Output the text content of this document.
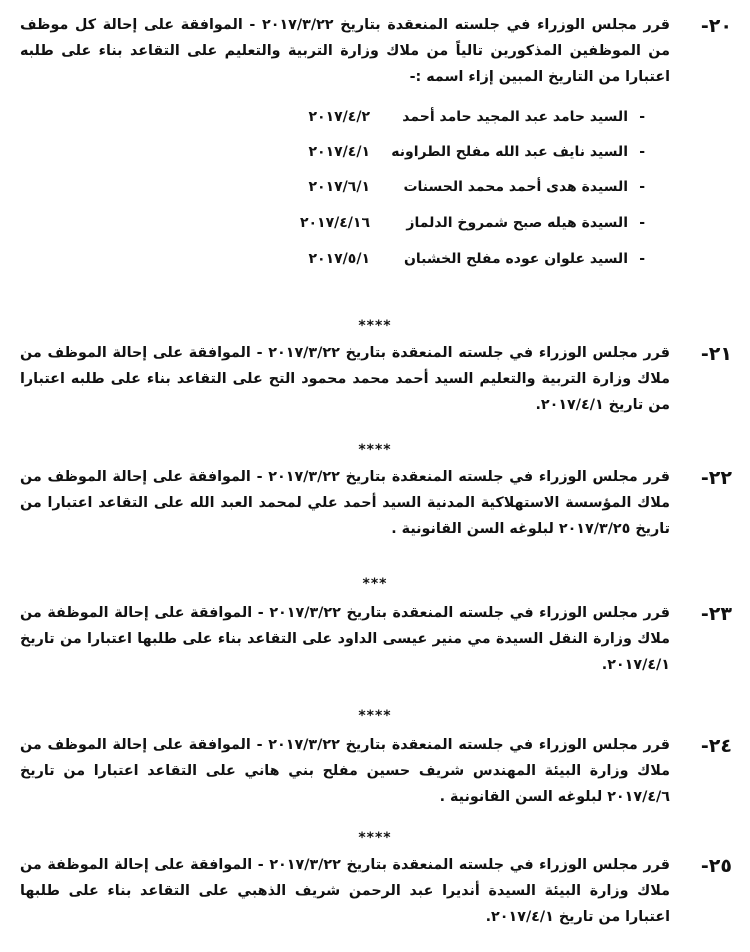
٢٠-
قرر مجلس الوزراء في جلسته المنعقدة بتاريخ ٢٠١٧/٣/٢٢ - الموافقة على إحالة كل موظف من الموظفين المذكورين تالياً من ملاك وزارة التربية والتعليم على التقاعد بناء على طلبه اعتبارا من التاريخ المبين إزاء اسمه :-
-
السيد حامد عبد المجيد حامد أحمد
٢٠١٧/٤/٢
-
السيد نايف عبد الله مفلح الطراونه
٢٠١٧/٤/١
-
السيدة هدى أحمد محمد الحسنات
٢٠١٧/٦/١
-
السيدة هيله صبح شمروخ الدلماز
٢٠١٧/٤/١٦
-
السيد علوان عوده مفلح الخشبان
٢٠١٧/٥/١
****
٢١-
قرر مجلس الوزراء في جلسته المنعقدة بتاريخ ٢٠١٧/٣/٢٢ - الموافقة على إحالة الموظف من ملاك وزارة التربية والتعليم السيد أحمد محمد محمود التح على التقاعد بناء على طلبه اعتبارا من تاريخ ٢٠١٧/٤/١.
****
٢٢-
قرر مجلس الوزراء في جلسته المنعقدة بتاريخ ٢٠١٧/٣/٢٢ - الموافقة على إحالة الموظف من ملاك المؤسسة الاستهلاكية المدنية السيد أحمد علي لمحمد العبد الله على التقاعد اعتبارا من تاريخ ٢٠١٧/٣/٢٥ لبلوغه السن القانونية .
***
٢٣-
قرر مجلس الوزراء في جلسته المنعقدة بتاريخ ٢٠١٧/٣/٢٢ - الموافقة على إحالة الموظفة من ملاك وزارة النقل السيدة مي منير عيسى الداود على التقاعد بناء على طلبها اعتبارا من تاريخ ٢٠١٧/٤/١.
****
٢٤-
قرر مجلس الوزراء في جلسته المنعقدة بتاريخ ٢٠١٧/٣/٢٢ - الموافقة على إحالة الموظف من ملاك وزارة البيئة المهندس شريف حسين مفلح بني هاني على التقاعد اعتبارا من تاريخ ٢٠١٧/٤/٦ لبلوغه السن القانونية .
****
٢٥-
قرر مجلس الوزراء في جلسته المنعقدة بتاريخ ٢٠١٧/٣/٢٢ - الموافقة على إحالة الموظفة من ملاك وزارة البيئة السيدة أنديرا عبد الرحمن شريف الذهبي على التقاعد بناء على طلبها اعتبارا من تاريخ ٢٠١٧/٤/١.
